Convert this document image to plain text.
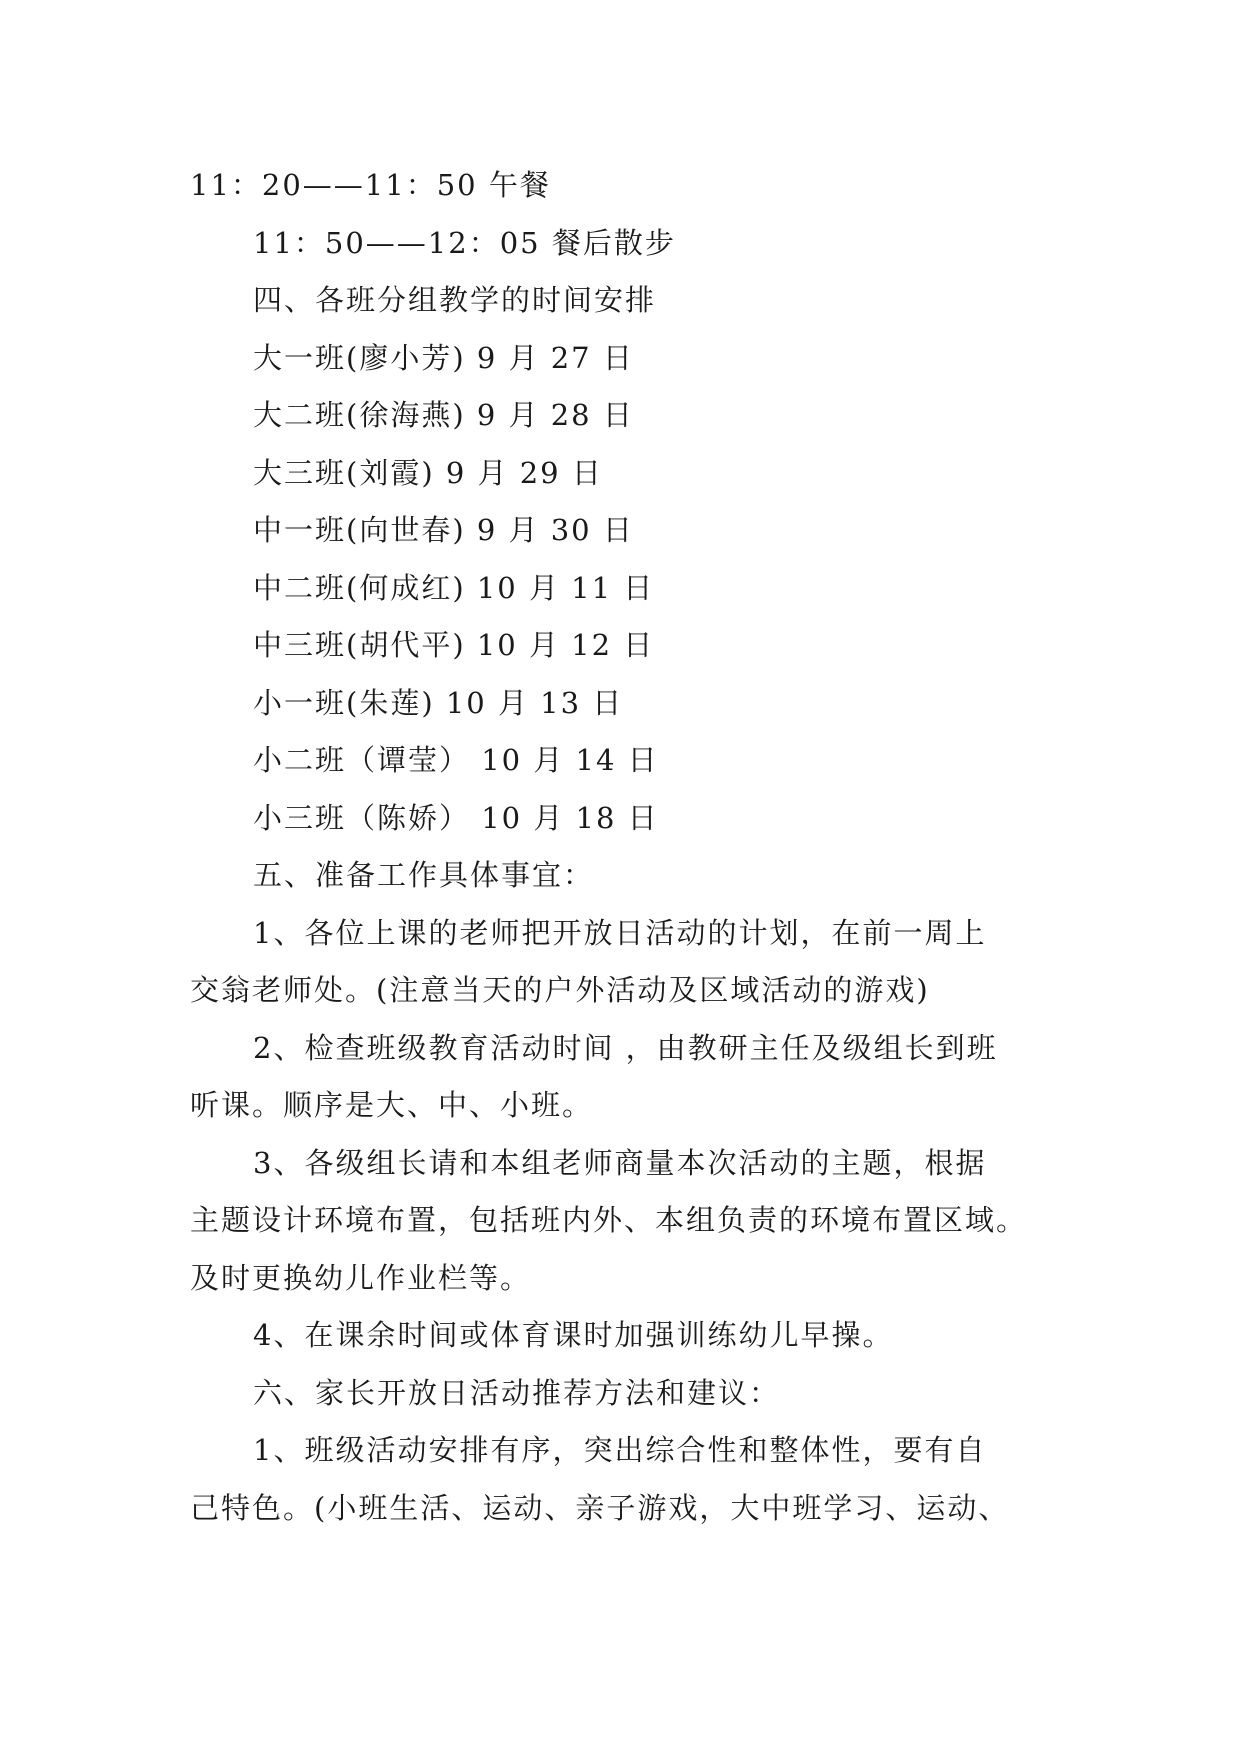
11：20——11：50 午餐
11：50——12：05 餐后散步
四、各班分组教学的时间安排
大一班(廖小芳) 9 月 27 日
大二班(徐海燕) 9 月 28 日
大三班(刘霞) 9 月 29 日
中一班(向世春) 9 月 30 日
中二班(何成红) 10 月 11 日
中三班(胡代平) 10 月 12 日
小一班(朱莲) 10 月 13 日
小二班（谭莹） 10 月 14 日
小三班（陈娇） 10 月 18 日
五、准备工作具体事宜：
1、各位上课的老师把开放日活动的计划，在前一周上
交翁老师处。(注意当天的户外活动及区域活动的游戏)
2、检查班级教育活动时间 ，由教研主任及级组长到班
听课。顺序是大、中、小班。
3、各级组长请和本组老师商量本次活动的主题，根据
主题设计环境布置，包括班内外、本组负责的环境布置区域。
及时更换幼儿作业栏等。
4、在课余时间或体育课时加强训练幼儿早操。
六、家长开放日活动推荐方法和建议：
1、班级活动安排有序，突出综合性和整体性，要有自
己特色。(小班生活、运动、亲子游戏，大中班学习、运动、
